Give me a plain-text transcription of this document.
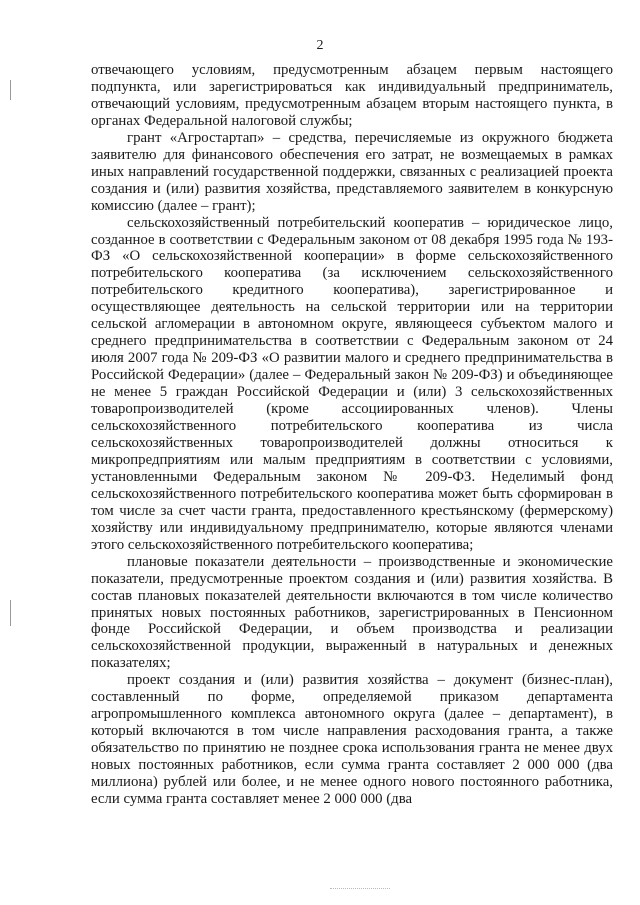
2

отвечающего условиям, предусмотренным абзацем первым настоящего подпункта, или зарегистрироваться как индивидуальный предприниматель, отвечающий условиям, предусмотренным абзацем вторым настоящего пункта, в органах Федеральной налоговой службы;

грант «Агростартап» – средства, перечисляемые из окружного бюджета заявителю для финансового обеспечения его затрат, не возмещаемых в рамках иных направлений государственной поддержки, связанных с реализацией проекта создания и (или) развития хозяйства, представляемого заявителем в конкурсную комиссию (далее – грант);

сельскохозяйственный потребительский кооператив – юридическое лицо, созданное в соответствии с Федеральным законом от 08 декабря 1995 года № 193-ФЗ «О сельскохозяйственной кооперации» в форме сельскохозяйственного потребительского кооператива (за исключением сельскохозяйственного потребительского кредитного кооператива), зарегистрированное и осуществляющее деятельность на сельской территории или на территории сельской агломерации в автономном округе, являющееся субъектом малого и среднего предпринимательства в соответствии с Федеральным законом от 24 июля 2007 года № 209-ФЗ «О развитии малого и среднего предпринимательства в Российской Федерации» (далее – Федеральный закон № 209-ФЗ) и объединяющее не менее 5 граждан Российской Федерации и (или) 3 сельскохозяйственных товаропроизводителей (кроме ассоциированных членов). Члены сельскохозяйственного потребительского кооператива из числа сельскохозяйственных товаропроизводителей должны относиться к микропредприятиям или малым предприятиям в соответствии с условиями, установленными Федеральным законом № 209-ФЗ. Неделимый фонд сельскохозяйственного потребительского кооператива может быть сформирован в том числе за счет части гранта, предоставленного крестьянскому (фермерскому) хозяйству или индивидуальному предпринимателю, которые являются членами этого сельскохозяйственного потребительского кооператива;

плановые показатели деятельности – производственные и экономические показатели, предусмотренные проектом создания и (или) развития хозяйства. В состав плановых показателей деятельности включаются в том числе количество принятых новых постоянных работников, зарегистрированных в Пенсионном фонде Российской Федерации, и объем производства и реализации сельскохозяйственной продукции, выраженный в натуральных и денежных показателях;

проект создания и (или) развития хозяйства – документ (бизнес-план), составленный по форме, определяемой приказом департамента агропромышленного комплекса автономного округа (далее – департамент), в который включаются в том числе направления расходования гранта, а также обязательство по принятию не позднее срока использования гранта не менее двух новых постоянных работников, если сумма гранта составляет 2 000 000 (два миллиона) рублей или более, и не менее одного нового постоянного работника, если сумма гранта составляет менее 2 000 000 (два
